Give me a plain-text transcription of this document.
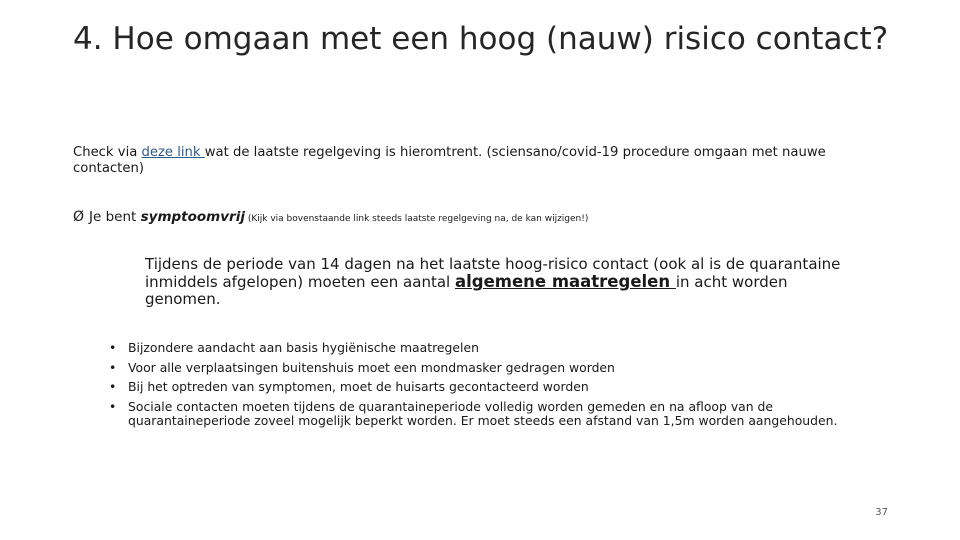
4. Hoe omgaan met een hoog (nauw) risico contact?

Check via deze link wat de laatste regelgeving is hieromtrent. (sciensano/covid-19 procedure omgaan met nauwe contacten)

Ø Je bent symptoomvrij (Kijk via bovenstaande link steeds laatste regelgeving na, de kan wijzigen!)

Tijdens de periode van 14 dagen na het laatste hoog-risico contact (ook al is de quarantaine inmiddels afgelopen) moeten een aantal algemene maatregelen in acht worden genomen.

• Bijzondere aandacht aan basis hygiënische maatregelen
• Voor alle verplaatsingen buitenshuis moet een mondmasker gedragen worden
• Bij het optreden van symptomen, moet de huisarts gecontacteerd worden
• Sociale contacten moeten tijdens de quarantaineperiode volledig worden gemeden en na afloop van de quarantaineperiode zoveel mogelijk beperkt worden. Er moet steeds een afstand van 1,5m worden aangehouden.
37
